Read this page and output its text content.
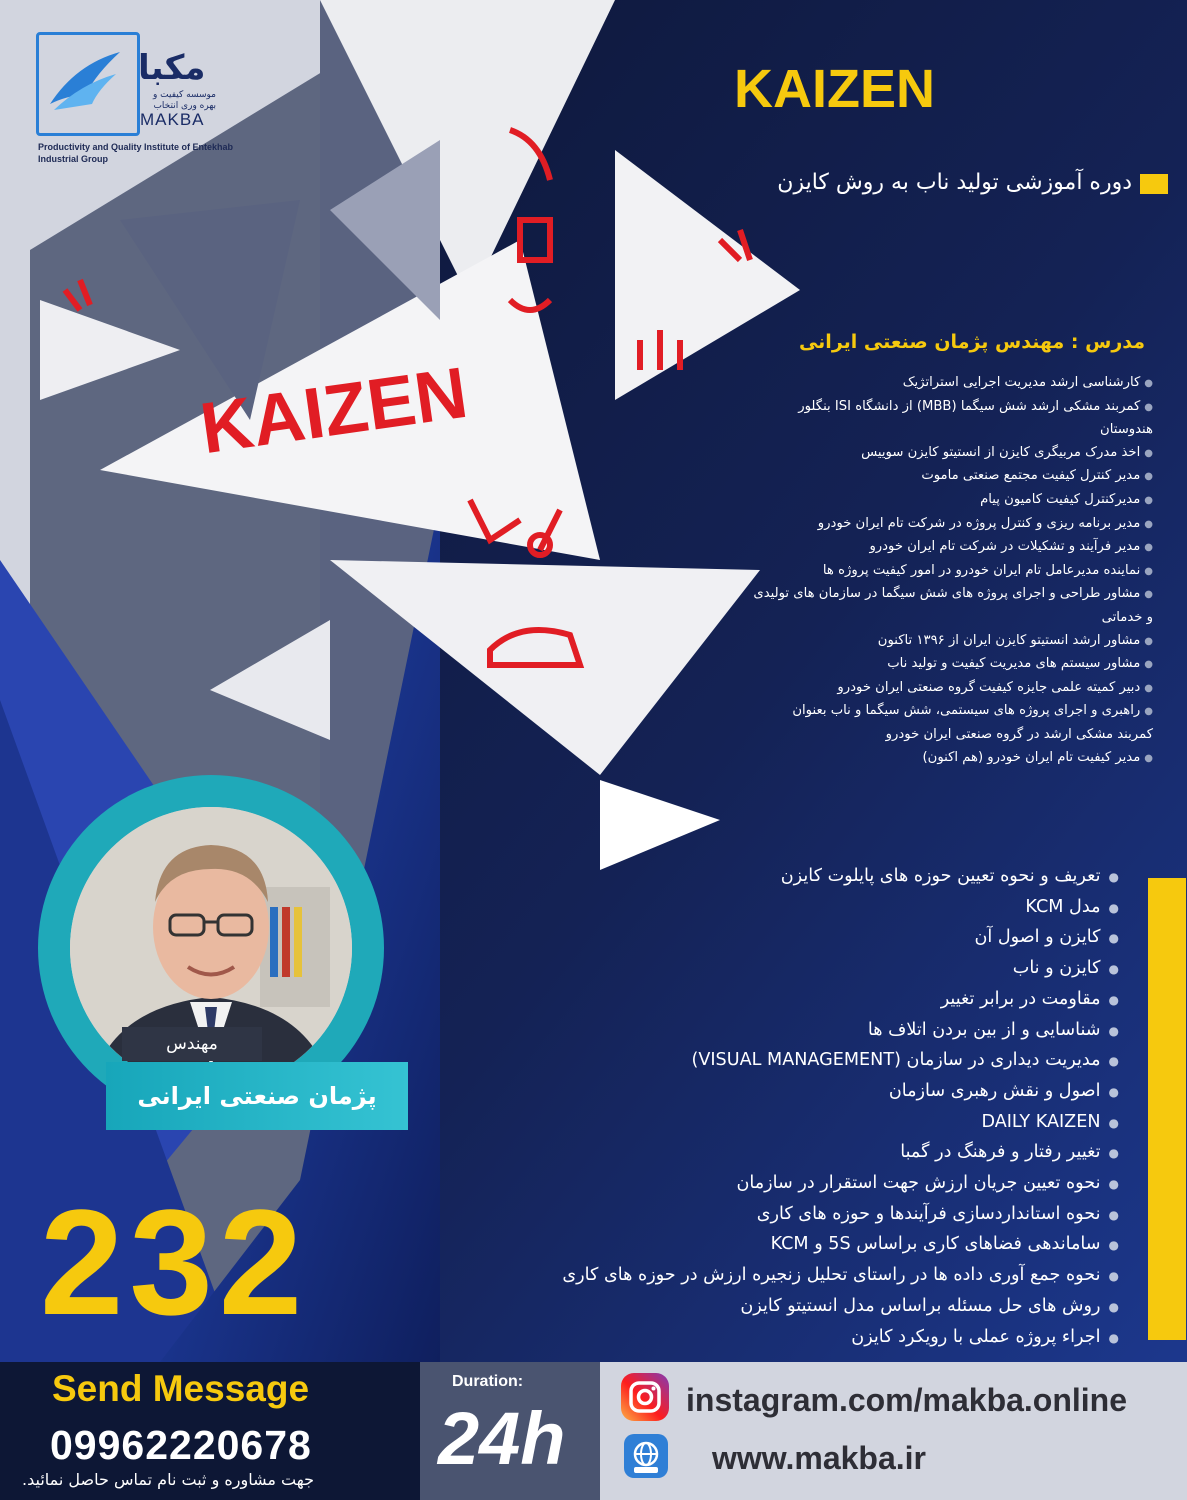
KAIZEN
مکبا
موسسه کیفیت و بهره وری انتخاب
MAKBA
Productivity and Quality Institute of Entekhab Industrial Group
KAIZEN
دوره آموزشی تولید ناب به روش کایزن
مدرس : مهندس پژمان صنعتی ایرانی
●کارشناسی ارشد مدیریت اجرایی استراتژیک
●کمربند مشکی ارشد شش سیگما (MBB) از دانشگاه ISI بنگلور هندوستان
●اخذ مدرک مربیگری کایزن از انستیتو کایزن سوییس
●مدیر کنترل کیفیت مجتمع صنعتی ماموت
●مدیرکنترل کیفیت کامیون پیام
●مدیر برنامه ریزی و کنترل پروژه در شرکت تام ایران خودرو
●مدیر فرآیند و تشکیلات در شرکت تام ایران خودرو
●نماینده مدیرعامل تام ایران خودرو در امور کیفیت پروژه ها
●مشاور طراحی و اجرای پروژه های شش سیگما در سازمان های تولیدی و خدماتی
●مشاور ارشد انستیتو کایزن ایران از ۱۳۹۶ تاکنون
●مشاور سیستم های مدیریت کیفیت و تولید ناب
●دبیر کمیته علمی جایزه کیفیت گروه صنعتی ایران خودرو
●راهبری و اجرای پروژه های سیستمی، شش سیگما و ناب بعنوان کمربند مشکی ارشد در گروه صنعتی ایران خودرو
●مدیر کیفیت تام ایران خودرو (هم اکنون)
●تعریف و نحوه تعیین حوزه های پایلوت کایزن
●مدل KCM
●کایزن و اصول آن
●کایزن و ناب
●مقاومت در برابر تغییر
●شناسایی و از بین بردن اتلاف ها
●مدیریت دیداری در سازمان (VISUAL MANAGEMENT)
●اصول و نقش رهبری سازمان
●DAILY KAIZEN
●تغییر رفتار و فرهنگ در گمبا
●نحوه تعیین جریان ارزش جهت استقرار در سازمان
●نحوه استانداردسازی فرآیندها و حوزه های کاری
●ساماندهی فضاهای کاری براساس 5S و KCM
●نحوه جمع آوری داده ها در راستای تحلیل زنجیره ارزش در حوزه های کاری
●روش های حل مسئله براساس مدل انستیتو کایزن
●اجراء پروژه عملی با رویکرد کایزن
مهندس
پژمان صنعتی ایرانی
232
Send Message
09962220678
جهت مشاوره و ثبت نام تماس حاصل نمائید.
Duration:
24h	instagram.com/makba.online
www.makba.ir
